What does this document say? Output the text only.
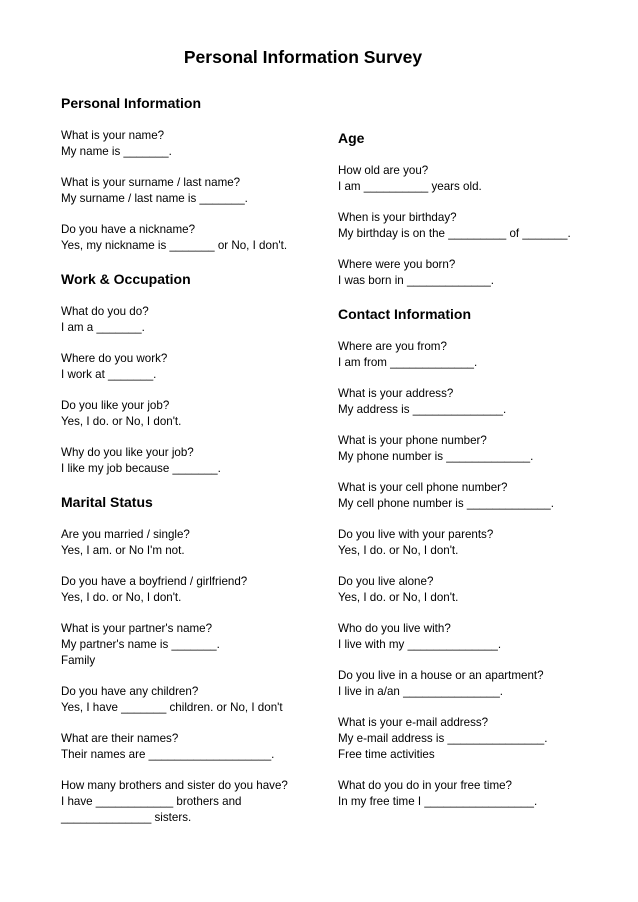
Personal Information Survey
Personal Information
What is your name?
My name is _______.
What is your surname / last name?
My surname / last name is _______.
Do you have a nickname?
Yes, my nickname is _______ or No, I don't.
Work & Occupation
What do you do?
I am a _______.
Where do you work?
I work at _______.
Do you like your job?
Yes, I do. or No, I don't.
Why do you like your job?
I like my job because _______.
Marital Status
Are you married / single?
Yes, I am. or No I'm not.
Do you have a boyfriend / girlfriend?
Yes, I do. or No, I don't.
What is your partner's name?
My partner's name is _______.
Family
Do you have any children?
Yes, I have _______ children. or No, I don't
What are their names?
Their names are ___________________.
How many brothers and sister do you have?
I have ____________ brothers and
______________ sisters.
Age
How old are you?
I am __________ years old.
When is your birthday?
My birthday is on the _________ of _______.
Where were you born?
I was born in _____________.
Contact Information
Where are you from?
I am from _____________.
What is your address?
My address is ______________.
What is your phone number?
My phone number is _____________.
What is your cell phone number?
My cell phone number is _____________.
Do you live with your parents?
Yes, I do. or No, I don't.
Do you live alone?
Yes, I do. or No, I don't.
Who do you live with?
I live with my ______________.
Do you live in a house or an apartment?
I live in a/an _______________.
What is your e-mail address?
My e-mail address is _______________.
Free time activities
What do you do in your free time?
In my free time I _________________.
